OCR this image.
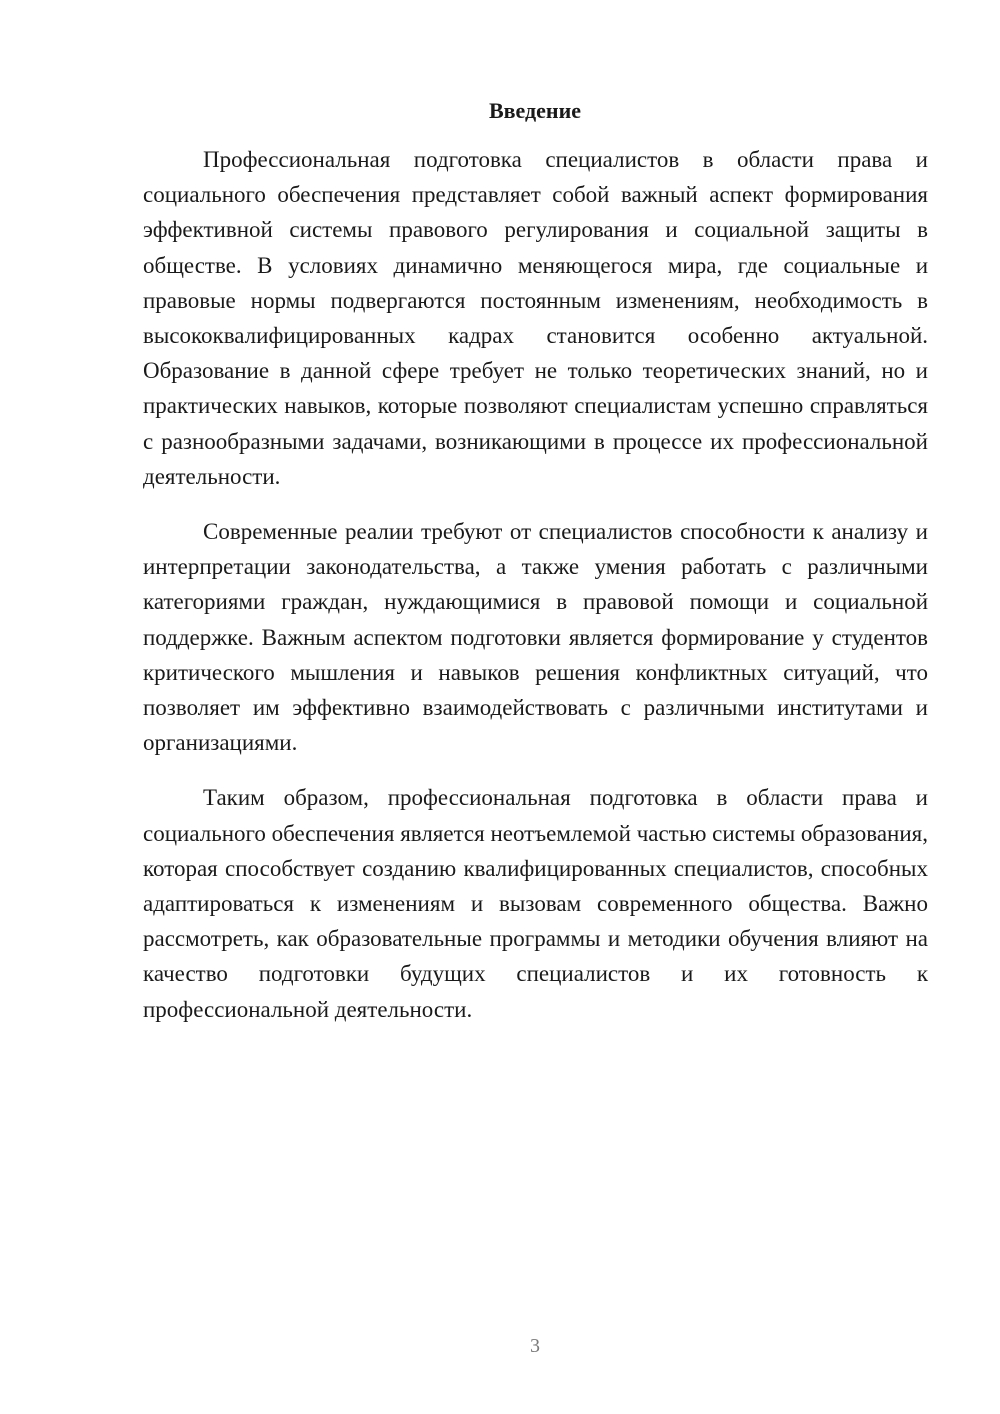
Введение

Профессиональная подготовка специалистов в области права и социального обеспечения представляет собой важный аспект формирования эффективной системы правового регулирования и социальной защиты в обществе. В условиях динамично меняющегося мира, где социальные и правовые нормы подвергаются постоянным изменениям, необходимость в высококвалифицированных кадрах становится особенно актуальной. Образование в данной сфере требует не только теоретических знаний, но и практических навыков, которые позволяют специалистам успешно справляться с разнообразными задачами, возникающими в процессе их профессиональной деятельности.

Современные реалии требуют от специалистов способности к анализу и интерпретации законодательства, а также умения работать с различными категориями граждан, нуждающимися в правовой помощи и социальной поддержке. Важным аспектом подготовки является формирование у студентов критического мышления и навыков решения конфликтных ситуаций, что позволяет им эффективно взаимодействовать с различными институтами и организациями.

Таким образом, профессиональная подготовка в области права и социального обеспечения является неотъемлемой частью системы образования, которая способствует созданию квалифицированных специалистов, способных адаптироваться к изменениям и вызовам современного общества. Важно рассмотреть, как образовательные программы и методики обучения влияют на качество подготовки будущих специалистов и их готовность к профессиональной деятельности.

3
